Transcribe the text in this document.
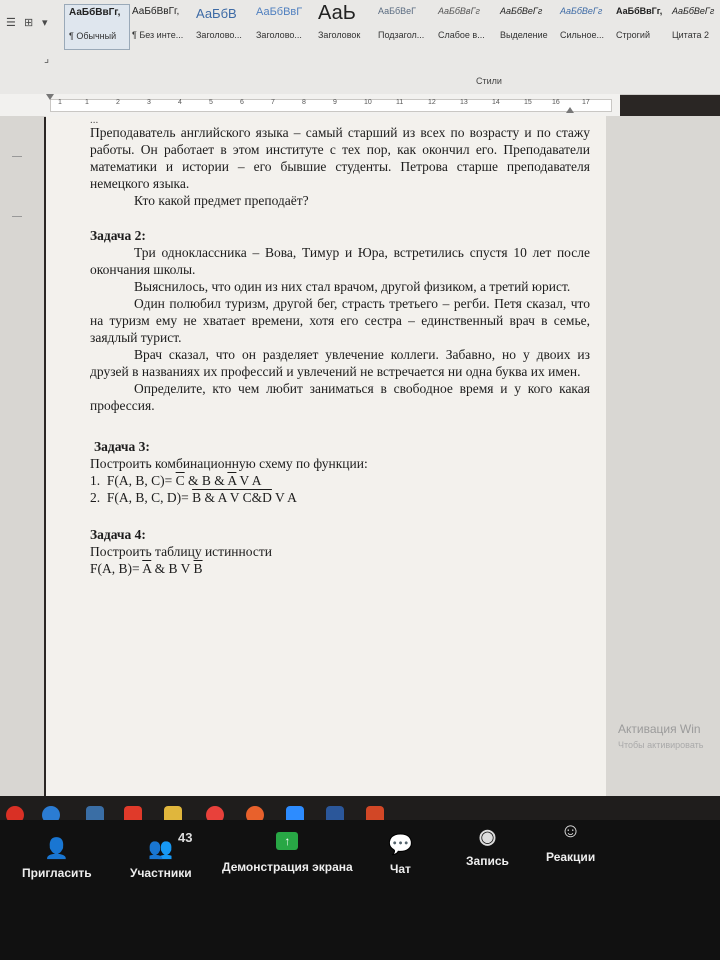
☰ ⊞ ▾
⌟
АаБбВвГг,
¶ Обычный
АаБбВвГг,
¶ Без инте...
АаБбВ
Заголово...
АаБбВвГ
Заголово...
АаЬ
Заголовок
АаБбВеГ
Подзагол...
АаБбВвГг
Слабое в...
АаБбВеГг
Выделение
АаБбВеГг
Сильное...
АаБбВвГг,
Строгий
АаБбВеГг
Цитата 2
Стили
1	1	2	3	4	5	6	7	8	9	10	11	12	13	14	15	16	17
...

Преподаватель английского языка – самый старший из всех по возрасту и по стажу работы. Он работает в этом институте с тех пор, как окончил его. Преподаватели математики и истории – его бывшие студенты. Петрова старше преподавателя немецкого языка.

Кто какой предмет преподаёт?

Задача 2:

Три одноклассника – Вова, Тимур и Юра, встретились спустя 10 лет после окончания школы.

Выяснилось, что один из них стал врачом, другой физиком, а третий юрист.

Один полюбил туризм, другой бег, страсть третьего – регби. Петя сказал, что на туризм ему не хватает времени, хотя его сестра – единственный врач в семье, заядлый турист.

Врач сказал, что он разделяет увлечение коллеги. Забавно, но у двоих из друзей в названиях их профессий и увлечений не встречается ни одна буква их имен.

Определите, кто чем любит заниматься в свободное время и у кого какая профессия.

Задача 3:

Построить комбинационную схему по функции:

1. F(A, B, $C)= \overline{C}$ & B & $\overline{A}$ V A

2. F(A, B, C, D)= B & A V C&D V A

Задача 4:

Построить таблицу истинности

F(A, $B)= \overline{A}$ & B V $\overline{B}$

Активация Win
Чтобы активировать
👤
Пригласить
43
👥
Участники
↑
Демонстрация экрана
💬
Чат
◉
Запись
☺
Реакции
